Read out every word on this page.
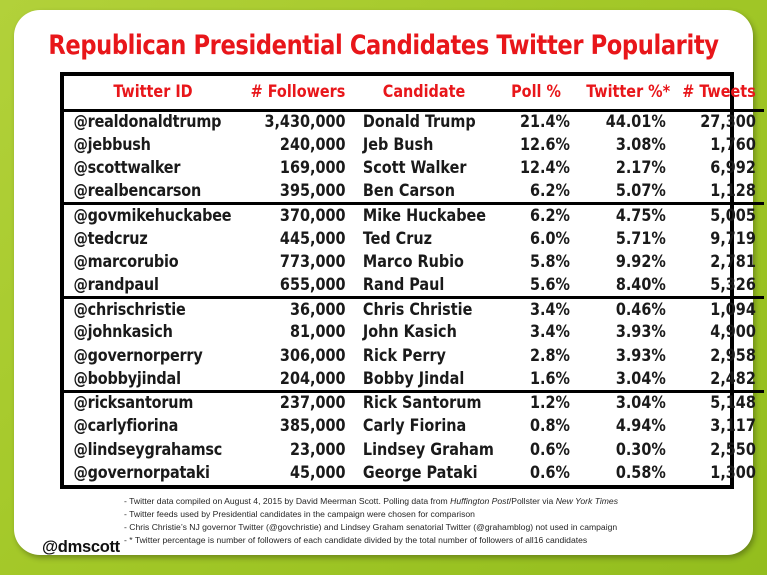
Republican Presidential Candidates Twitter Popularity
Twitter ID	# Followers	Candidate	Poll %	Twitter %*	# Tweets
@realdonaldtrump	3,430,000	Donald Trump	21.4%	44.01%	27,300
@jebbush	240,000	Jeb Bush	12.6%	3.08%	1,760
@scottwalker	169,000	Scott Walker	12.4%	2.17%	6,992
@realbencarson	395,000	Ben Carson	6.2%	5.07%	1,128
@govmikehuckabee	370,000	Mike Huckabee	6.2%	4.75%	5,005
@tedcruz	445,000	Ted Cruz	6.0%	5.71%	9,719
@marcorubio	773,000	Marco Rubio	5.8%	9.92%	2,781
@randpaul	655,000	Rand Paul	5.6%	8.40%	5,326
@chrischristie	36,000	Chris Christie	3.4%	0.46%	1,094
@johnkasich	81,000	John Kasich	3.4%	3.93%	4,900
@governorperry	306,000	Rick Perry	2.8%	3.93%	2,958
@bobbyjindal	204,000	Bobby Jindal	1.6%	3.04%	2,482
@ricksantorum	237,000	Rick Santorum	1.2%	3.04%	5,148
@carlyfiorina	385,000	Carly Fiorina	0.8%	4.94%	3,117
@lindseygrahamsc	23,000	Lindsey Graham	0.6%	0.30%	2,550
@governorpataki	45,000	George Pataki	0.6%	0.58%	1,300
- Twitter data compiled on August 4, 2015 by David Meerman Scott. Polling data from Huffington Post/Pollster via New York Times
- Twitter feeds used by Presidential candidates in the campaign were chosen for comparison
- Chris Christie’s NJ governor Twitter (@govchristie) and Lindsey Graham senatorial Twitter (@grahamblog) not used in campaign
- * Twitter percentage is number of followers of each candidate divided by the total number of followers of all16 candidates
@dmscott
